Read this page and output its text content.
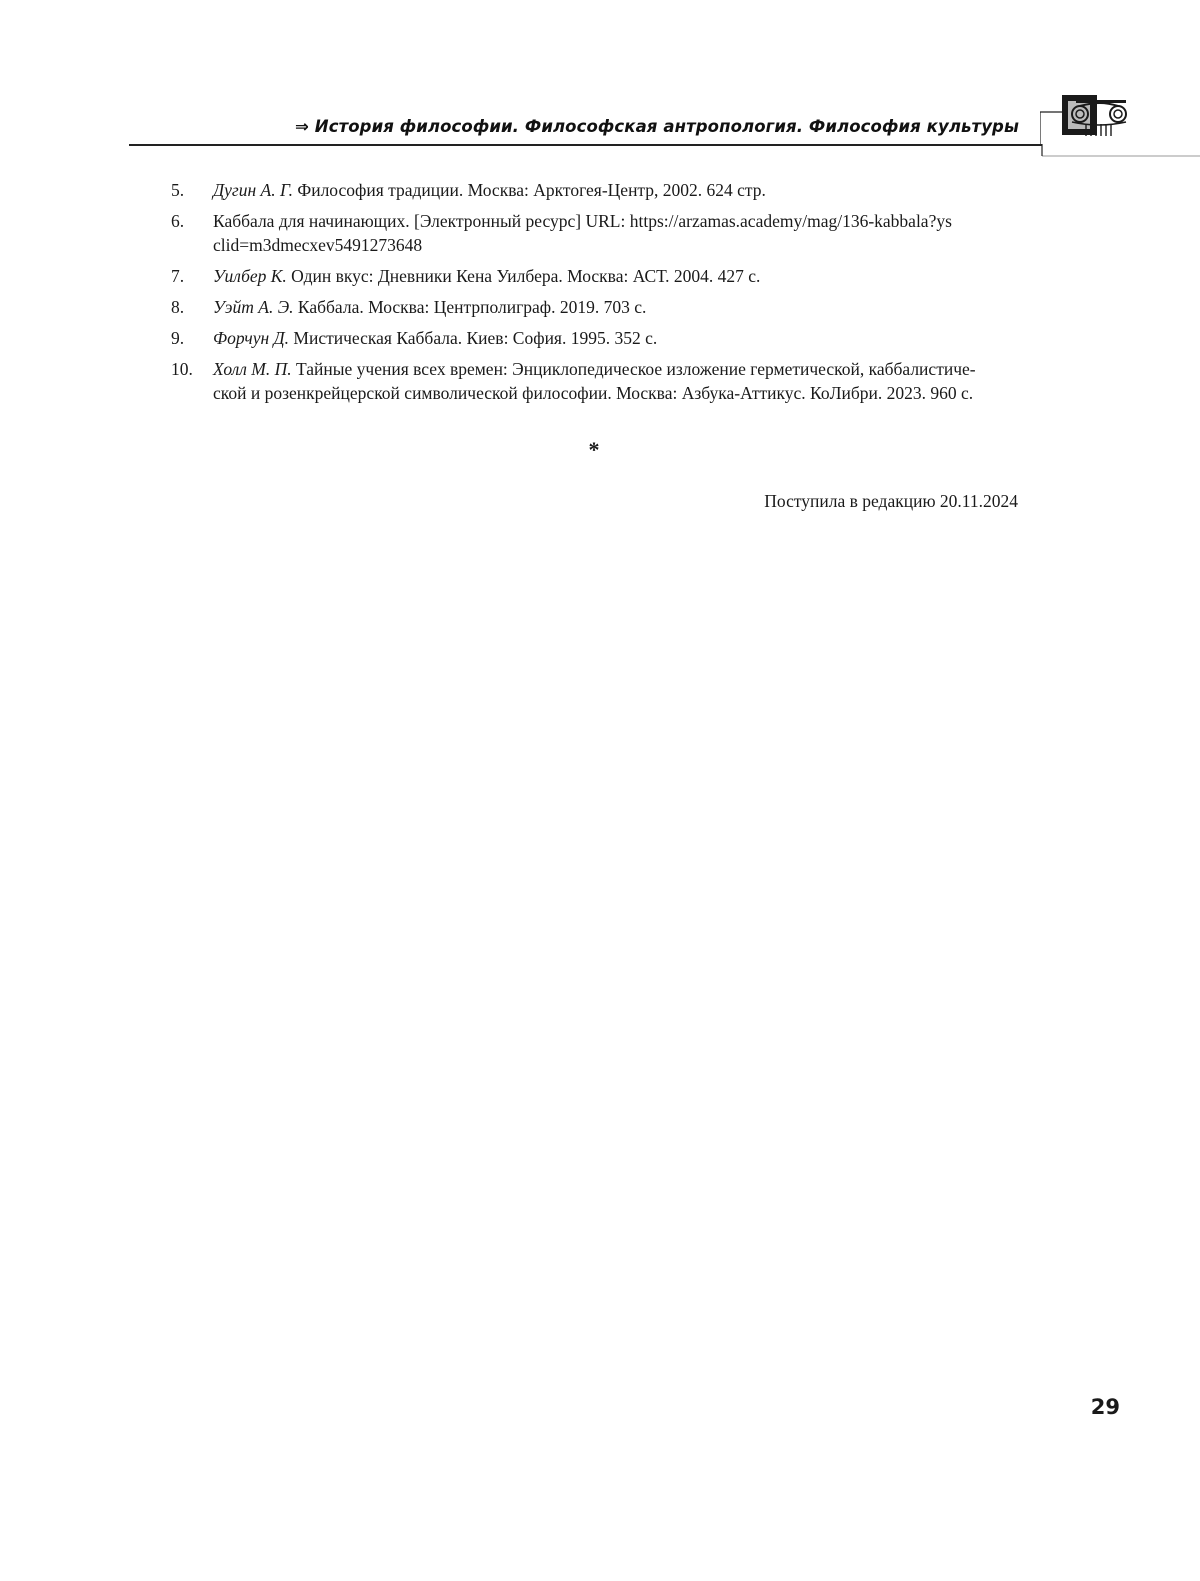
⇒ История философии. Философская антропология. Философия культуры
5. Дугин А. Г. Философия традиции. Москва: Арктогея-Центр, 2002. 624 стр.
6. Каббала для начинающих. [Электронный ресурс] URL: https://arzamas.academy/mag/136-kabbala?ys
clid=m3dmecxev5491273648
7. Уилбер К. Один вкус: Дневники Кена Уилбера. Москва: АСТ. 2004. 427 с.
8. Уэйт А. Э. Каббала. Москва: Центрполиграф. 2019. 703 с.
9. Форчун Д. Мистическая Каббала. Киев: София. 1995. 352 с.
10. Холл М. П. Тайные учения всех времен: Энциклопедическое изложение герметической, каббалистиче-
ской и розенкрейцерской символической философии. Москва: Азбука-Аттикус. КоЛибри. 2023. 960 с.
*
Поступила в редакцию 20.11.2024
29
